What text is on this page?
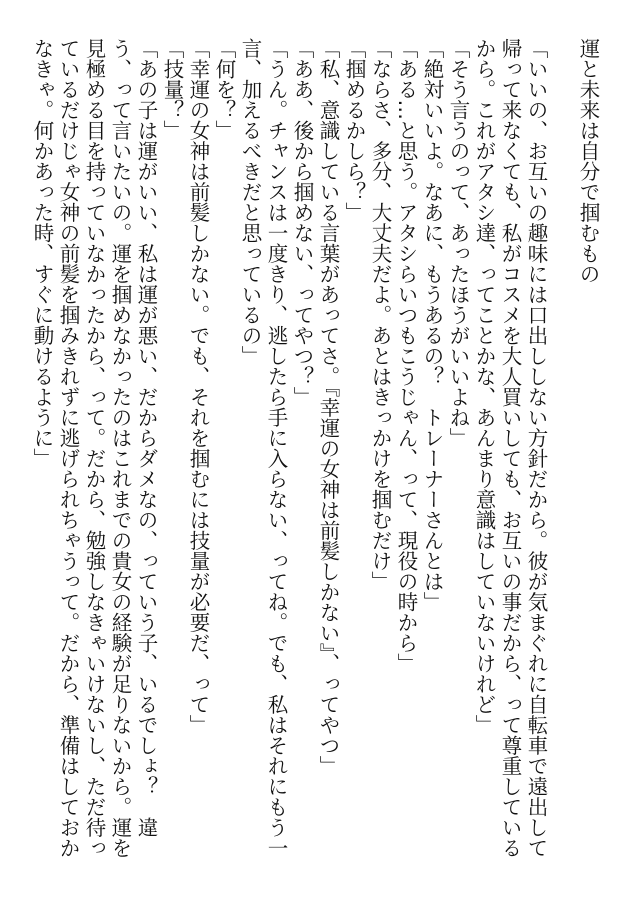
運と未来は自分で掴むもの
「いいの、お互いの趣味には口出ししない方針だから。彼が気まぐれに自転車で遠出して帰って来なくても、私がコスメを大人買いしても、お互いの事だから、って尊重しているから。これがアタシ達、ってことかな、あんまり意識はしていないけれど」
「そう言うのって、あったほうがいいよね」
「絶対いいよ。なあに、もうあるの？　トレーナーさんとは」
「ある…と思う。アタシらいつもこうじゃん、って、現役の時から」
「ならさ、多分、大丈夫だよ。あとはきっかけを掴むだけ」
「掴めるかしら？」
「私、意識している言葉があってさ。『幸運の女神は前髪しかない』、ってやつ」
「ああ、後から掴めない、ってやつ？」
「うん。チャンスは一度きり、逃したら手に入らない、ってね。でも、私はそれにもう一言、加えるべきだと思っているの」
「何を？」
「幸運の女神は前髪しかない。でも、それを掴むには技量が必要だ、って」
「技量？」
「あの子は運がいい、私は運が悪い、だからダメなの、っていう子、いるでしょ？　違う、って言いたいの。運を掴めなかったのはこれまでの貴女の経験が足りないから。運を見極める目を持っていなかったから、って。だから、勉強しなきゃいけないし、ただ待っているだけじゃ女神の前髪を掴みきれずに逃げられちゃうって。だから、準備はしておかなきゃ。何かあった時、すぐに動けるように」
